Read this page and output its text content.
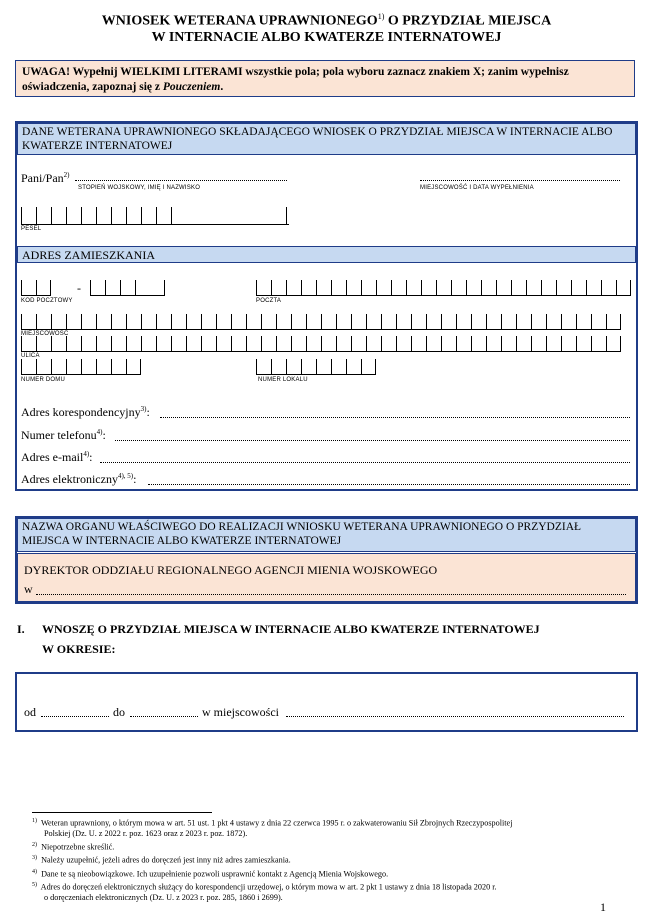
WNIOSEK WETERANA UPRAWNIONEGO$^{1)}$ O PRZYDZIAŁ MIEJSCA
W INTERNACIE ALBO KWATERZE INTERNATOWEJ
UWAGA! Wypełnij WIELKIMI LITERAMI wszystkie pola; pola wyboru zaznacz znakiem X; zanim wypełnisz oświadczenia, zapoznaj się z Pouczeniem.
DANE WETERANA UPRAWNIONEGO SKŁADAJĄCEGO WNIOSEK O PRZYDZIAŁ MIEJSCA W INTERNACIE ALBO KWATERZE INTERNATOWEJ
Pani/Pan$^{2)}$
STOPIEŃ WOJSKOWY, IMIĘ I NAZWISKO	MIEJSCOWOŚĆ I DATA WYPEŁNIENIA
PESEL
ADRES ZAMIESZKANIA
-
KOD POCZTOWY	POCZTA
MIEJSCOWOŚĆ
ULICA
NUMER DOMU	NUMER LOKALU
Adres korespondencyjny$^{3)}$:
Numer telefonu$^{4)}$:
Adres e-mail$^{4)}$:
Adres elektroniczny$^{4), 5)}$:
NAZWA ORGANU WŁAŚCIWEGO DO REALIZACJI WNIOSKU WETERANA UPRAWNIONEGO O PRZYDZIAŁ MIEJSCA W INTERNACIE ALBO KWATERZE INTERNATOWEJ
DYREKTOR ODDZIAŁU REGIONALNEGO AGENCJI MIENIA WOJSKOWEGO
w
I. WNOSZĘ O PRZYDZIAŁ MIEJSCA W INTERNACIE ALBO KWATERZE INTERNATOWEJ
W OKRESIE:
od	do	w miejscowości
$^{1)}$ Weteran uprawniony, o którym mowa w art. 51 ust. 1 pkt 4 ustawy z dnia 22 czerwca 1995 r. o zakwaterowaniu Sił Zbrojnych Rzeczypospolitej
Polskiej (Dz. U. z 2022 r. poz. 1623 oraz z 2023 r. poz. 1872).
$^{2)}$ Niepotrzebne skreślić.
$^{3)}$ Należy uzupełnić, jeżeli adres do doręczeń jest inny niż adres zamieszkania.
$^{4)}$ Dane te są nieobowiązkowe. Ich uzupełnienie pozwoli usprawnić kontakt z Agencją Mienia Wojskowego.
$^{5)}$ Adres do doręczeń elektronicznych służący do korespondencji urzędowej, o którym mowa w art. 2 pkt 1 ustawy z dnia 18 listopada 2020 r.
o doręczeniach elektronicznych (Dz. U. z 2023 r. poz. 285, 1860 i 2699).
1
